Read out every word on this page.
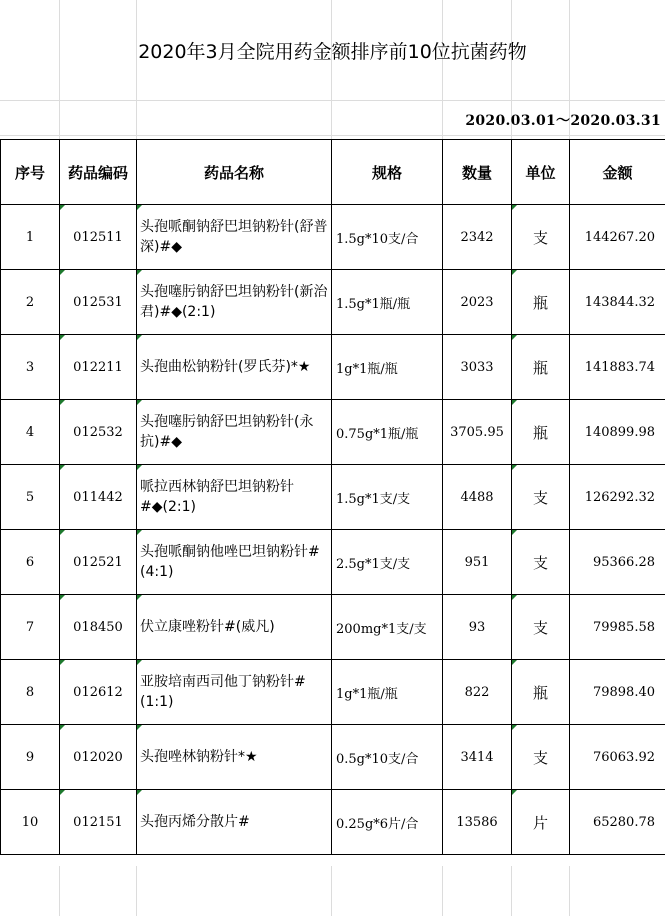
2020年3月全院用药金额排序前10位抗菌药物
2020.03.01～2020.03.31
序号	药品编码	药品名称	规格	数量	单位	金额
1	012511	头孢哌酮钠舒巴坦钠粉针(舒普深)#◆	1.5g*10支/合	2342	支	144267.20
2	012531	头孢噻肟钠舒巴坦钠粉针(新治君)#◆(2:1)	1.5g*1瓶/瓶	2023	瓶	143844.32
3	012211	头孢曲松钠粉针(罗氏芬)*★	1g*1瓶/瓶	3033	瓶	141883.74
4	012532	头孢噻肟钠舒巴坦钠粉针(永抗)#◆	0.75g*1瓶/瓶	3705.95	瓶	140899.98
5	011442	哌拉西林钠舒巴坦钠粉针#◆(2:1)	1.5g*1支/支	4488	支	126292.32
6	012521	头孢哌酮钠他唑巴坦钠粉针#(4:1)	2.5g*1支/支	951	支	95366.28
7	018450	伏立康唑粉针#(威凡)	200mg*1支/支	93	支	79985.58
8	012612	亚胺培南西司他丁钠粉针#(1:1)	1g*1瓶/瓶	822	瓶	79898.40
9	012020	头孢唑林钠粉针*★	0.5g*10支/合	3414	支	76063.92
10	012151	头孢丙烯分散片#	0.25g*6片/合	13586	片	65280.78
